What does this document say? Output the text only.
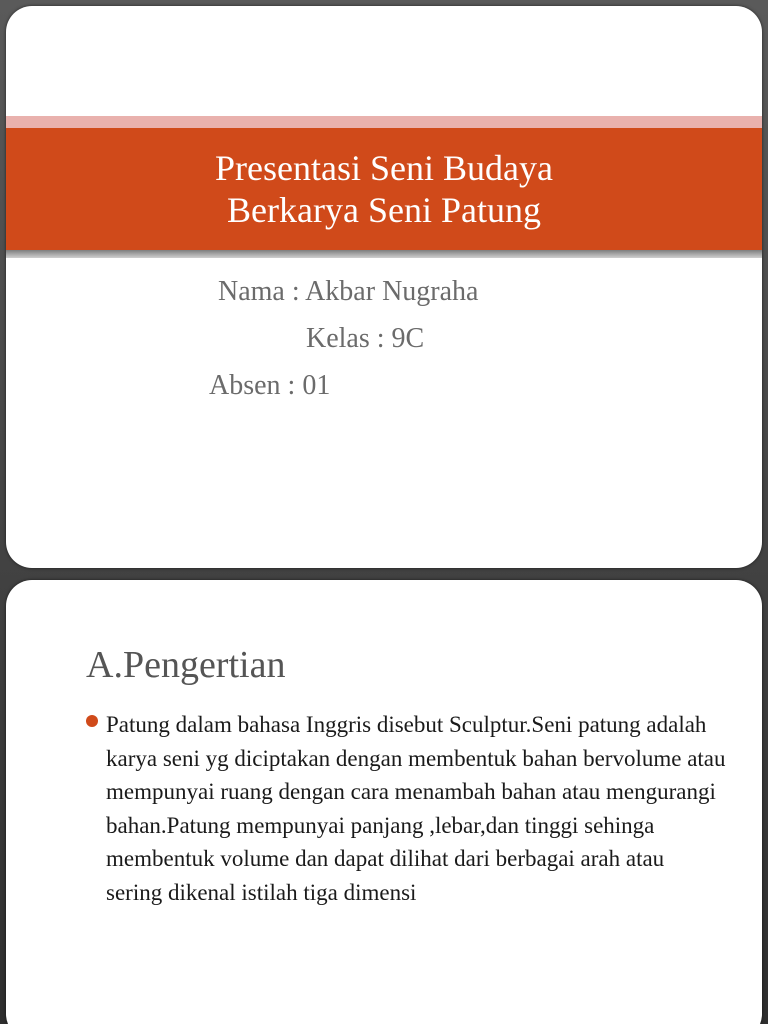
Presentasi Seni Budaya
Berkarya Seni Patung
Nama : Akbar Nugraha
Kelas : 9C
Absen : 01
A.Pengertian
Patung dalam bahasa Inggris disebut Sculptur.Seni patung adalah karya seni yg diciptakan dengan membentuk bahan bervolume atau mempunyai ruang dengan cara menambah bahan atau mengurangi bahan.Patung mempunyai panjang ,lebar,dan tinggi sehinga membentuk volume dan dapat dilihat dari berbagai arah atau sering dikenal istilah tiga dimensi
